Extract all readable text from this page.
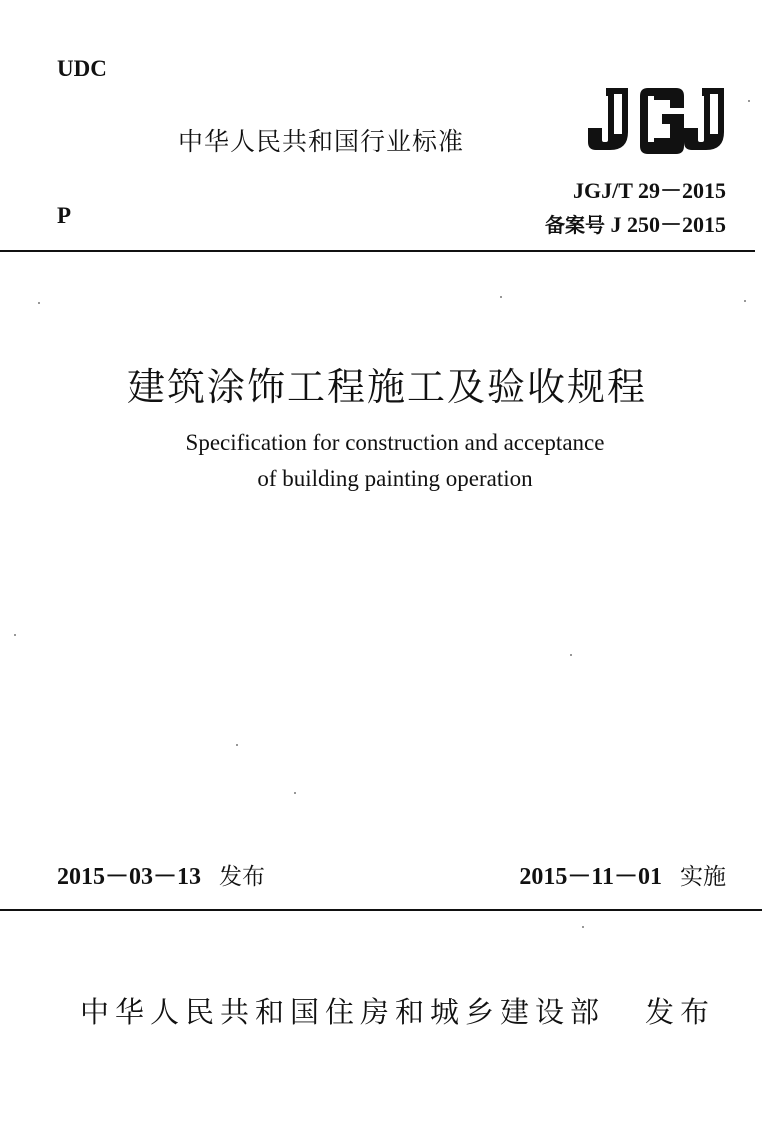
UDC
P
中华人民共和国行业标准
JGJ/T 29－2015
备案号 J 250－2015
建筑涂饰工程施工及验收规程
Specification for construction and acceptance
of building painting operation
2015－03－13 发布	2015－11－01 实施
中华人民共和国住房和城乡建设部 发布
